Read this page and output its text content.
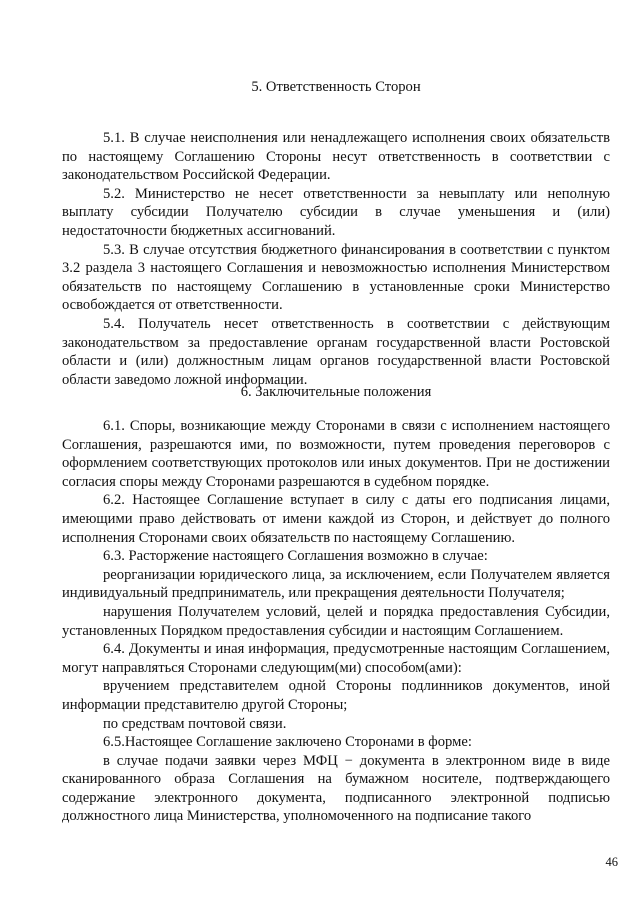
5. Ответственность Сторон

5.1. В случае неисполнения или ненадлежащего исполнения своих обязательств по настоящему Соглашению Стороны несут ответственность в соответствии с законодательством Российской Федерации.

5.2. Министерство не несет ответственности за невыплату или неполную выплату субсидии Получателю субсидии в случае уменьшения и (или) недостаточности бюджетных ассигнований.

5.3. В случае отсутствия бюджетного финансирования в соответствии с пунктом 3.2 раздела 3 настоящего Соглашения и невозможностью исполнения Министерством обязательств по настоящему Соглашению в установленные сроки Министерство освобождается от ответственности.

5.4. Получатель несет ответственность в соответствии с действующим законодательством за предоставление органам государственной власти Ростовской области и (или) должностным лицам органов государственной власти Ростовской области заведомо ложной информации.

6. Заключительные положения

6.1. Споры, возникающие между Сторонами в связи с исполнением настоящего Соглашения, разрешаются ими, по возможности, путем проведения переговоров с оформлением соответствующих протоколов или иных документов. При не достижении согласия споры между Сторонами разрешаются в судебном порядке.

6.2. Настоящее Соглашение вступает в силу с даты его подписания лицами, имеющими право действовать от имени каждой из Сторон, и действует до полного исполнения Сторонами своих обязательств по настоящему Соглашению.

6.3. Расторжение настоящего Соглашения возможно в случае:

реорганизации юридического лица, за исключением, если Получателем является индивидуальный предприниматель, или прекращения деятельности Получателя;

нарушения Получателем условий, целей и порядка предоставления Субсидии, установленных Порядком предоставления субсидии и настоящим Соглашением.

6.4. Документы и иная информация, предусмотренные настоящим Соглашением, могут направляться Сторонами следующим(ми) способом(ами):

вручением представителем одной Стороны подлинников документов, иной информации представителю другой Стороны;

по средствам почтовой связи.

6.5.Настоящее Соглашение заключено Сторонами в форме:

в случае подачи заявки через МФЦ − документа в электронном виде в виде сканированного образа Соглашения на бумажном носителе, подтверждающего содержание электронного документа, подписанного электронной подписью должностного лица Министерства, уполномоченного на подписание такого

46
